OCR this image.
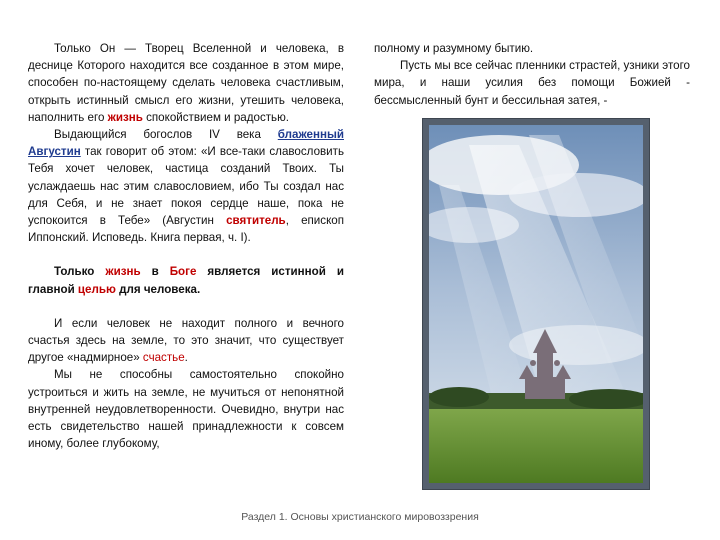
Только Он — Творец Вселенной и человека, в деснице Которого находится все созданное в этом мире, способен по-настоящему сделать человека счастливым, открыть истинный смысл его жизни, утешить человека, наполнить его жизнь спокойствием и радостью.

Выдающийся богослов IV века блаженный Августин так говорит об этом: «И все-таки славословить Тебя хочет человек, частица созданий Твоих. Ты услаждаешь нас этим славословием, ибо Ты создал нас для Себя, и не знает покоя сердце наше, пока не успокоится в Тебе» (Августин святитель, епископ Иппонский. Исповедь. Книга первая, ч. I).

Только жизнь в Боге является истинной и главной целью для человека.

И если человек не находит полного и вечного счастья здесь на земле, то это значит, что существует другое «надмирное» счастье.

Мы не способны самостоятельно спокойно устроиться и жить на земле, не мучиться от непонятной внутренней неудовлетворенности. Очевидно, внутри нас есть свидетельство нашей принадлежности к совсем иному, более глубокому,

полному и разумному бытию.

Пусть мы все сейчас пленники страстей, узники этого мира, и наши усилия без помощи Божией - бессмысленный бунт и бессильная затея, -

Раздел 1. Основы христианского мировоззрения
